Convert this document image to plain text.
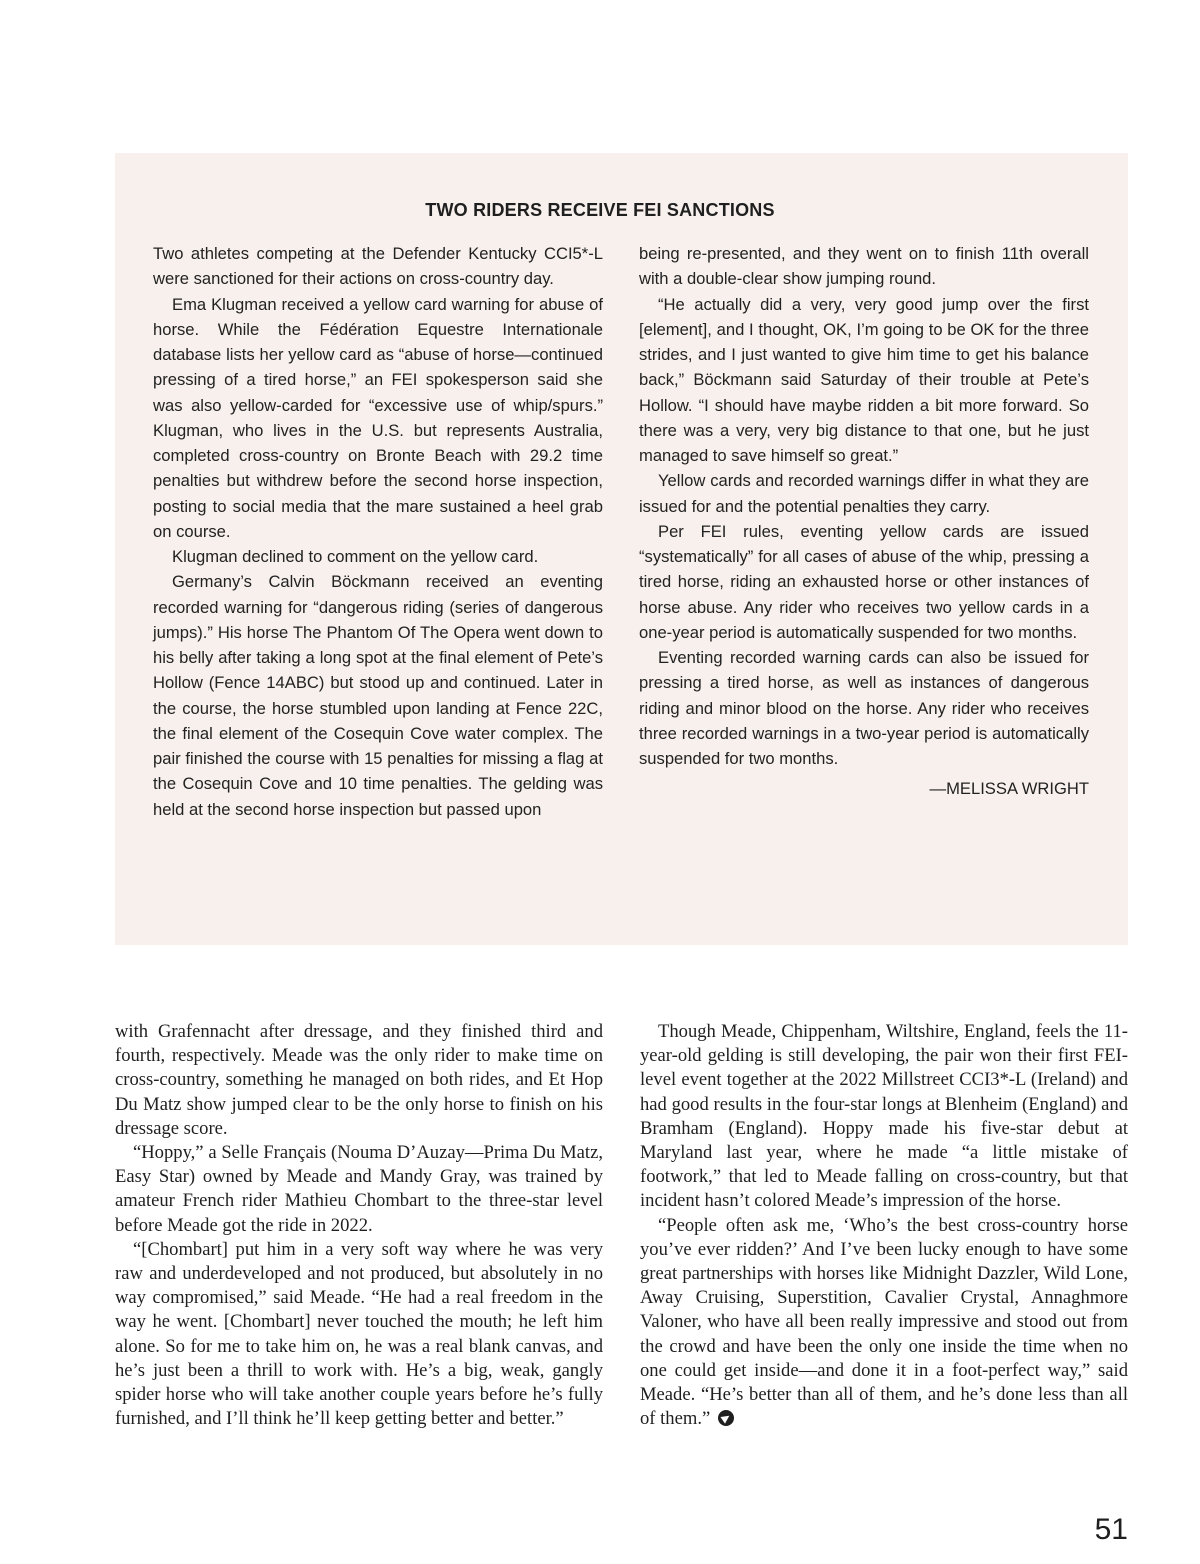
TWO RIDERS RECEIVE FEI SANCTIONS

Two athletes competing at the Defender Kentucky CCI5*-L were sanctioned for their actions on cross-country day.

Ema Klugman received a yellow card warning for abuse of horse. While the Fédération Equestre Internationale database lists her yellow card as “abuse of horse—continued pressing of a tired horse,” an FEI spokesperson said she was also yellow-carded for “excessive use of whip/spurs.” Klugman, who lives in the U.S. but represents Australia, completed cross-country on Bronte Beach with 29.2 time penalties but withdrew before the second horse inspection, posting to social media that the mare sustained a heel grab on course.

Klugman declined to comment on the yellow card.

Germany’s Calvin Böckmann received an eventing recorded warning for “dangerous riding (series of dangerous jumps).” His horse The Phantom Of The Opera went down to his belly after taking a long spot at the final element of Pete’s Hollow (Fence 14ABC) but stood up and continued. Later in the course, the horse stumbled upon landing at Fence 22C, the final element of the Cosequin Cove water complex. The pair finished the course with 15 penalties for missing a flag at the Cosequin Cove and 10 time penalties. The gelding was held at the second horse inspection but passed upon

being re-presented, and they went on to finish 11th overall with a double-clear show jumping round.

“He actually did a very, very good jump over the first [element], and I thought, OK, I’m going to be OK for the three strides, and I just wanted to give him time to get his balance back,” Böckmann said Saturday of their trouble at Pete’s Hollow. “I should have maybe ridden a bit more forward. So there was a very, very big distance to that one, but he just managed to save himself so great.”

Yellow cards and recorded warnings differ in what they are issued for and the potential penalties they carry.

Per FEI rules, eventing yellow cards are issued “systematically” for all cases of abuse of the whip, pressing a tired horse, riding an exhausted horse or other instances of horse abuse. Any rider who receives two yellow cards in a one-year period is automatically suspended for two months.

Eventing recorded warning cards can also be issued for pressing a tired horse, as well as instances of dangerous riding and minor blood on the horse. Any rider who receives three recorded warnings in a two-year period is automatically suspended for two months.

—MELISSA WRIGHT

with Grafennacht after dressage, and they finished third and fourth, respectively. Meade was the only rider to make time on cross-country, something he managed on both rides, and Et Hop Du Matz show jumped clear to be the only horse to finish on his dressage score.

“Hoppy,” a Selle Français (Nouma D’Auzay—Prima Du Matz, Easy Star) owned by Meade and Mandy Gray, was trained by amateur French rider Mathieu Chombart to the three-star level before Meade got the ride in 2022.

“[Chombart] put him in a very soft way where he was very raw and underdeveloped and not produced, but absolutely in no way compromised,” said Meade. “He had a real freedom in the way he went. [Chombart] never touched the mouth; he left him alone. So for me to take him on, he was a real blank canvas, and he’s just been a thrill to work with. He’s a big, weak, gangly spider horse who will take another couple years before he’s fully furnished, and I’ll think he’ll keep getting better and better.”

Though Meade, Chippenham, Wiltshire, England, feels the 11-year-old gelding is still developing, the pair won their first FEI-level event together at the 2022 Millstreet CCI3*-L (Ireland) and had good results in the four-star longs at Blenheim (England) and Bramham (England). Hoppy made his five-star debut at Maryland last year, where he made “a little mistake of footwork,” that led to Meade falling on cross-country, but that incident hasn’t colored Meade’s impression of the horse.

“People often ask me, ‘Who’s the best cross-country horse you’ve ever ridden?’ And I’ve been lucky enough to have some great partnerships with horses like Midnight Dazzler, Wild Lone, Away Cruising, Superstition, Cavalier Crystal, Annaghmore Valoner, who have all been really impressive and stood out from the crowd and have been the only one inside the time when no one could get inside—and done it in a foot-perfect way,” said Meade. “He’s better than all of them, and he’s done less than all of them.”

51
